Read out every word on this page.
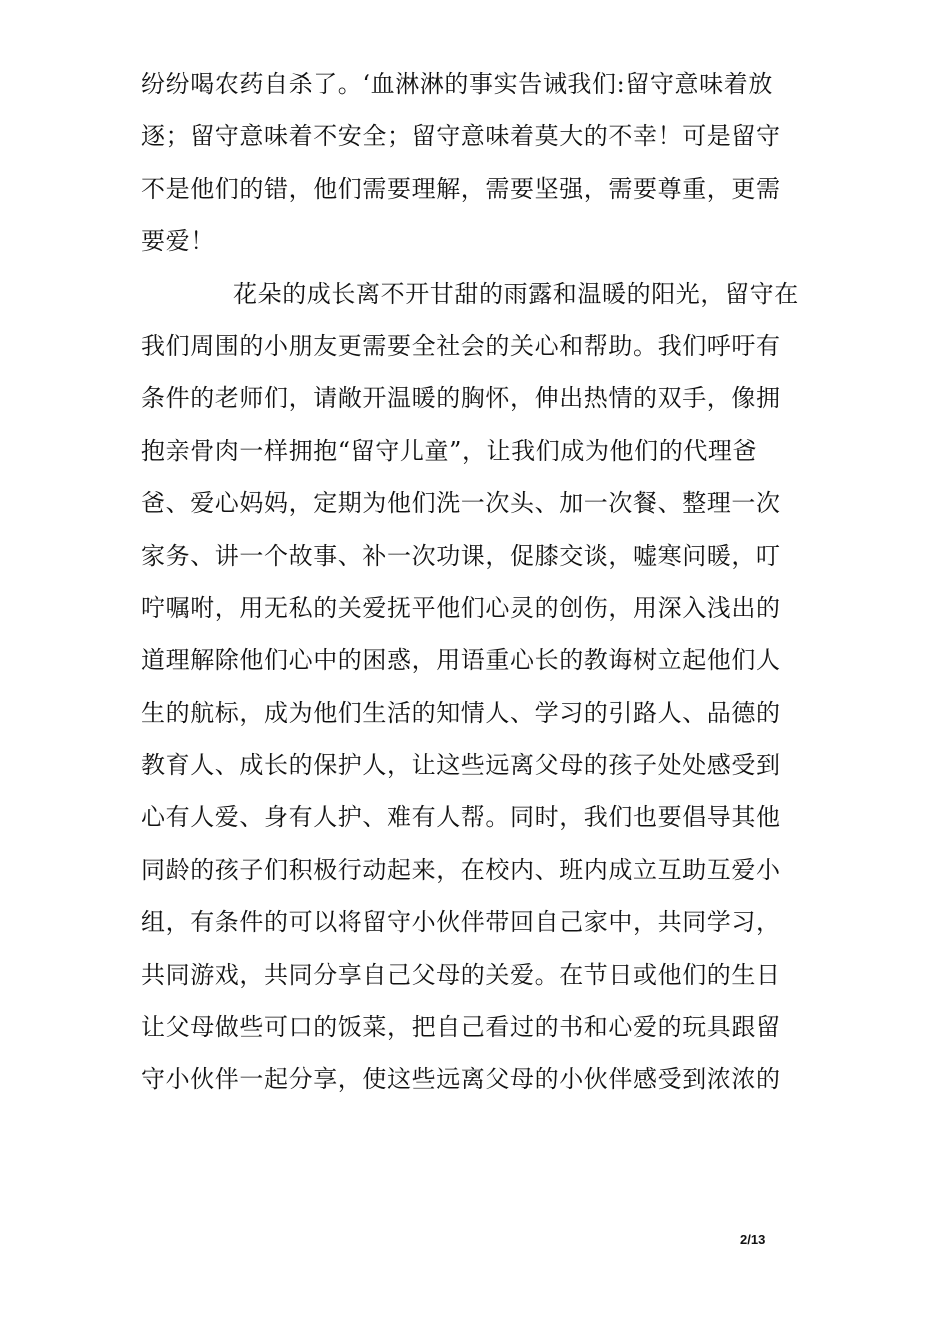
纷纷喝农药自杀了。‘血淋淋的事实告诫我们:留守意味着放
逐；留守意味着不安全；留守意味着莫大的不幸！可是留守
不是他们的错，他们需要理解，需要坚强，需要尊重，更需
要爱！
花朵的成长离不开甘甜的雨露和温暖的阳光，留守在
我们周围的小朋友更需要全社会的关心和帮助。我们呼吁有
条件的老师们，请敞开温暖的胸怀，伸出热情的双手，像拥
抱亲骨肉一样拥抱“留守儿童”，让我们成为他们的代理爸
爸、爱心妈妈，定期为他们洗一次头、加一次餐、整理一次
家务、讲一个故事、补一次功课，促膝交谈，嘘寒问暖，叮
咛嘱咐，用无私的关爱抚平他们心灵的创伤，用深入浅出的
道理解除他们心中的困惑，用语重心长的教诲树立起他们人
生的航标，成为他们生活的知情人、学习的引路人、品德的
教育人、成长的保护人，让这些远离父母的孩子处处感受到
心有人爱、身有人护、难有人帮。同时，我们也要倡导其他
同龄的孩子们积极行动起来，在校内、班内成立互助互爱小
组，有条件的可以将留守小伙伴带回自己家中，共同学习，
共同游戏，共同分享自己父母的关爱。在节日或他们的生日
让父母做些可口的饭菜，把自己看过的书和心爱的玩具跟留
守小伙伴一起分享，使这些远离父母的小伙伴感受到浓浓的
2/13
